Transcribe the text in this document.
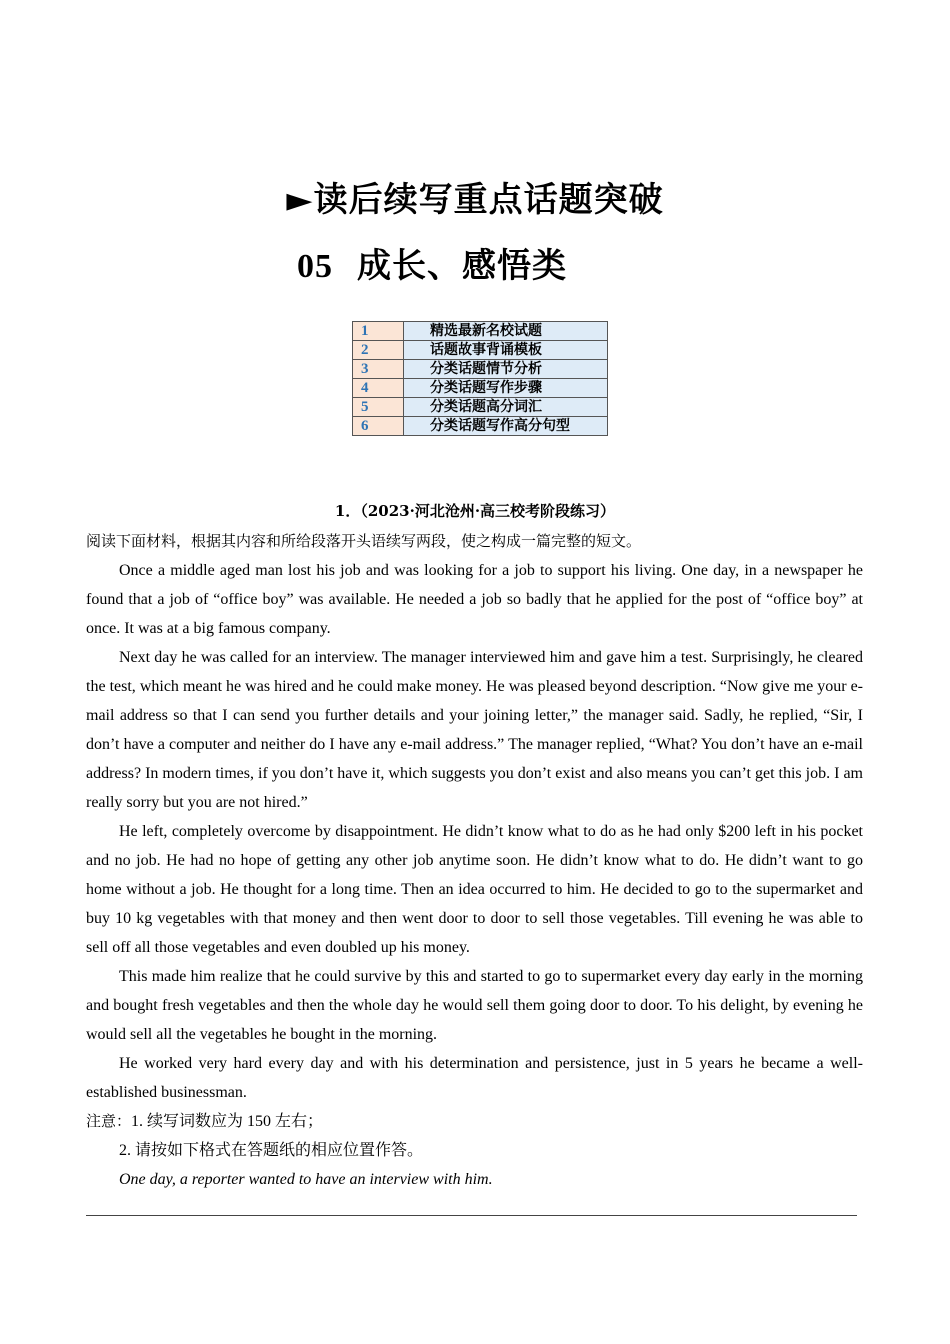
►读后续写重点话题突破
05 成长、感悟类
1	精选最新名校试题
2	话题故事背诵模板
3	分类话题情节分析
4	分类话题写作步骤
5	分类话题高分词汇
6	分类话题写作高分句型
1．（2023·河北沧州·高三校考阶段练习）

阅读下面材料，根据其内容和所给段落开头语续写两段，使之构成一篇完整的短文。

Once a middle aged man lost his job and was looking for a job to support his living. One day, in a newspaper he found that a job of “office boy” was available. He needed a job so badly that he applied for the post of “office boy” at once. It was at a big famous company.

Next day he was called for an interview. The manager interviewed him and gave him a test. Surprisingly, he cleared the test, which meant he was hired and he could make money. He was pleased beyond description. “Now give me your e-mail address so that I can send you further details and your joining letter,” the manager said. Sadly, he replied, “Sir, I don’t have a computer and neither do I have any e-mail address.” The manager replied, “What? You don’t have an e-mail address? In modern times, if you don’t have it, which suggests you don’t exist and also means you can’t get this job. I am really sorry but you are not hired.”

He left, completely overcome by disappointment. He didn’t know what to do as he had only $200 left in his pocket and no job. He had no hope of getting any other job anytime soon. He didn’t know what to do. He didn’t want to go home without a job. He thought for a long time. Then an idea occurred to him. He decided to go to the supermarket and buy 10 kg vegetables with that money and then went door to door to sell those vegetables. Till evening he was able to sell off all those vegetables and even doubled up his money.

This made him realize that he could survive by this and started to go to supermarket every day early in the morning and bought fresh vegetables and then the whole day he would sell them going door to door. To his delight, by evening he would sell all the vegetables he bought in the morning.

He worked very hard every day and with his determination and persistence, just in 5 years he became a well-established businessman.

注意：1. 续写词数应为 150 左右；

2. 请按如下格式在答题纸的相应位置作答。

One day, a reporter wanted to have an interview with him.
